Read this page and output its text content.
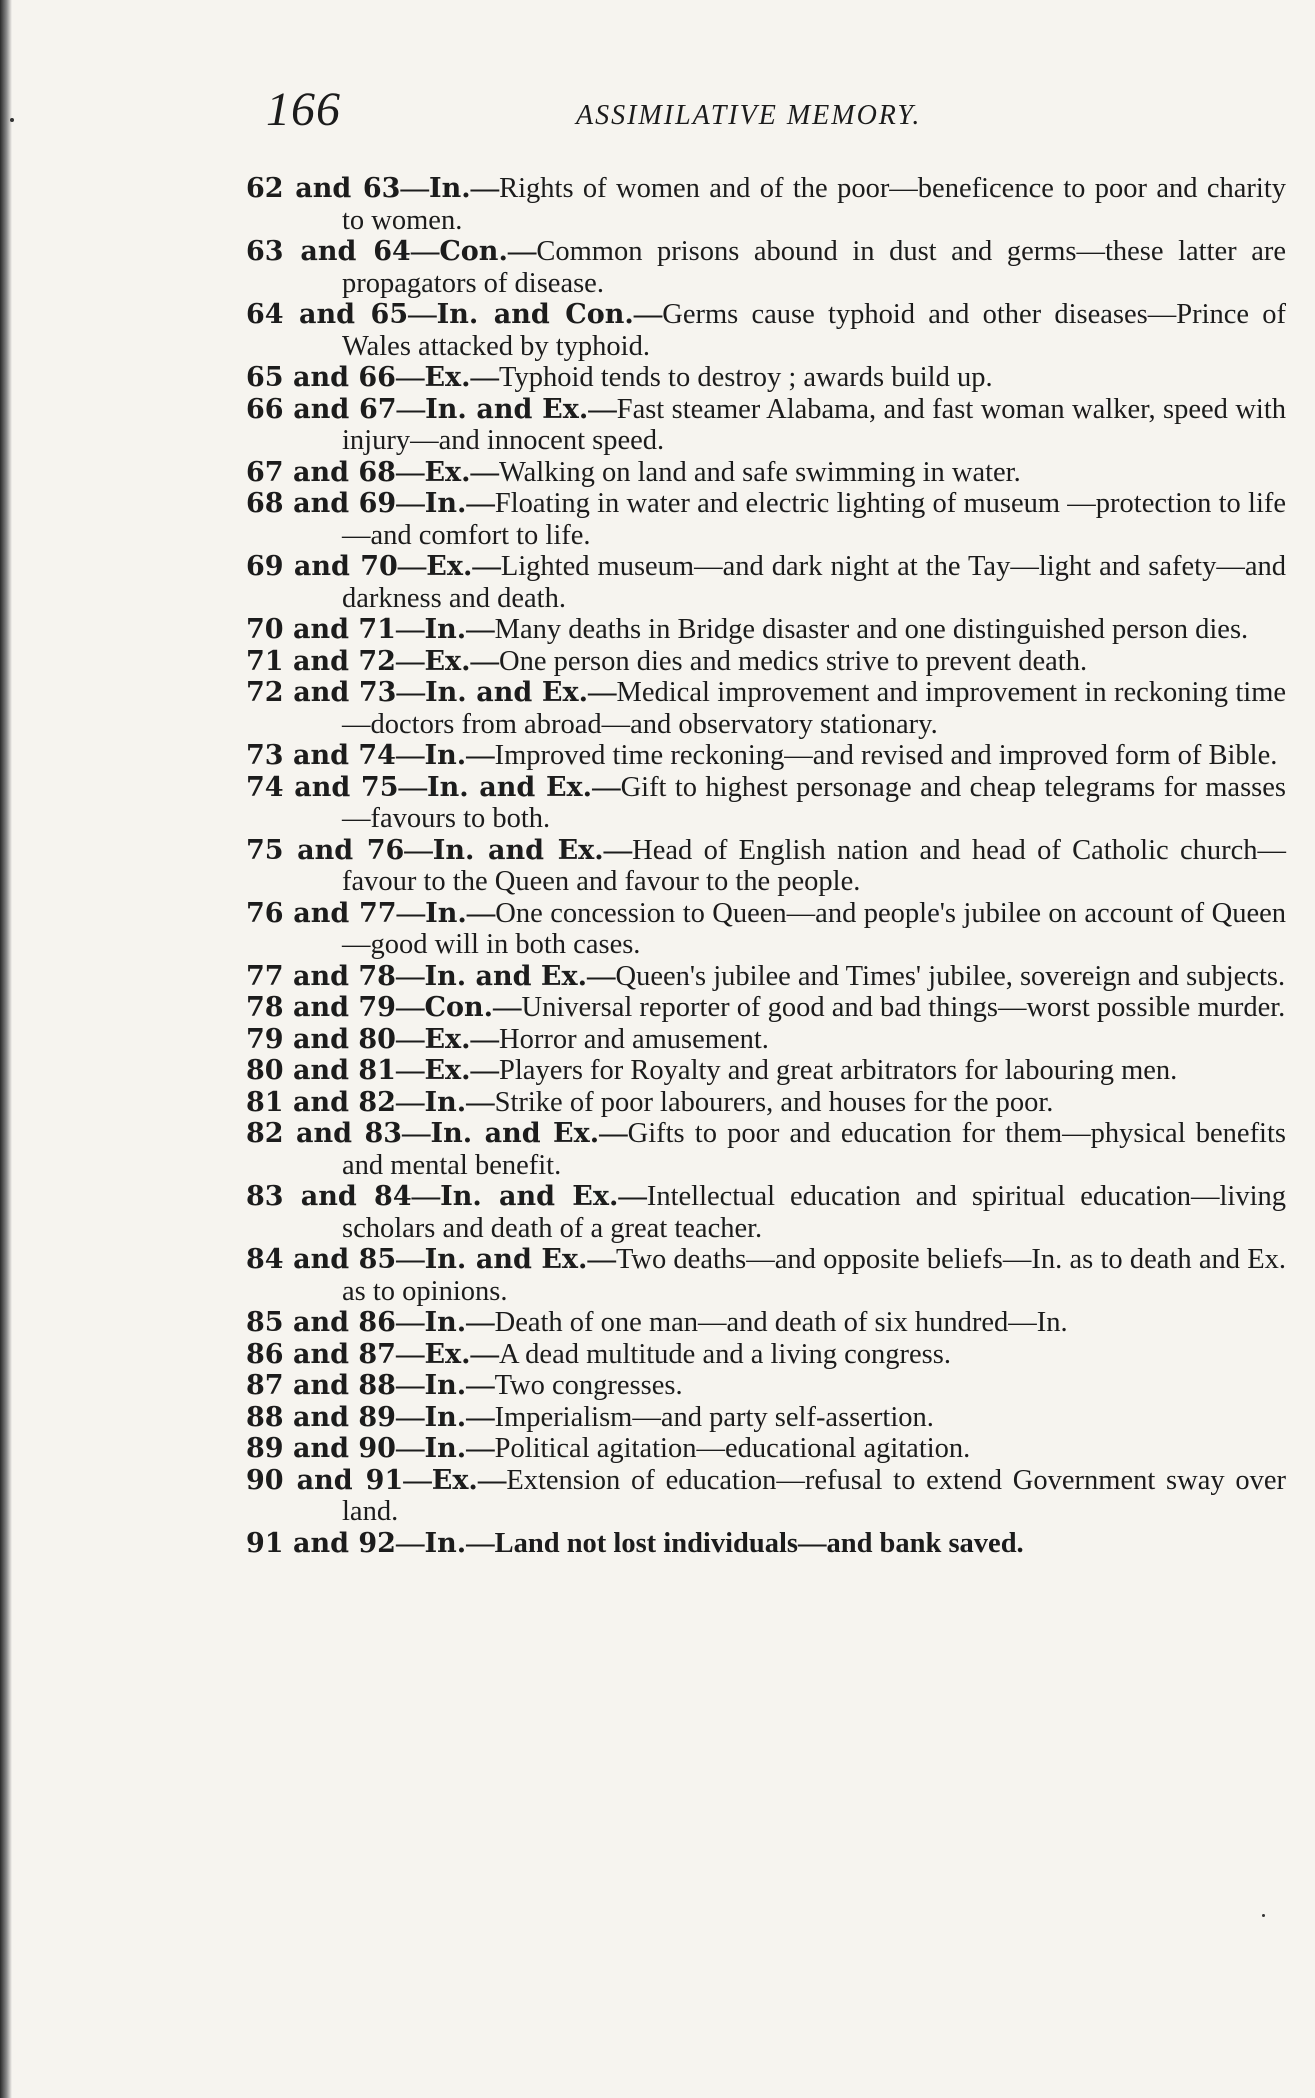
166	ASSIMILATIVE MEMORY.

62 and 63—In.—Rights of women and of the poor—beneficence to poor and charity to women.

63 and 64—Con.—Common prisons abound in dust and germs—these latter are propagators of disease.

64 and 65—In. and Con.—Germs cause typhoid and other diseases—Prince of Wales attacked by typhoid.

65 and 66—Ex.—Typhoid tends to destroy ; awards build up.

66 and 67—In. and Ex.—Fast steamer Alabama, and fast woman walker, speed with injury—and innocent speed.

67 and 68—Ex.—Walking on land and safe swimming in water.

68 and 69—In.—Floating in water and electric lighting of museum —protection to life—and comfort to life.

69 and 70—Ex.—Lighted museum—and dark night at the Tay—light and safety—and darkness and death.

70 and 71—In.—Many deaths in Bridge disaster and one distinguished person dies.

71 and 72—Ex.—One person dies and medics strive to prevent death.

72 and 73—In. and Ex.—Medical improvement and improvement in reckoning time—doctors from abroad—and observatory stationary.

73 and 74—In.—Improved time reckoning—and revised and improved form of Bible.

74 and 75—In. and Ex.—Gift to highest personage and cheap telegrams for masses—favours to both.

75 and 76—In. and Ex.—Head of English nation and head of Catholic church—favour to the Queen and favour to the people.

76 and 77—In.—One concession to Queen—and people's jubilee on account of Queen—good will in both cases.

77 and 78—In. and Ex.—Queen's jubilee and Times' jubilee, sovereign and subjects.

78 and 79—Con.—Universal reporter of good and bad things—worst possible murder.

79 and 80—Ex.—Horror and amusement.

80 and 81—Ex.—Players for Royalty and great arbitrators for labouring men.

81 and 82—In.—Strike of poor labourers, and houses for the poor.

82 and 83—In. and Ex.—Gifts to poor and education for them—physical benefits and mental benefit.

83 and 84—In. and Ex.—Intellectual education and spiritual education—living scholars and death of a great teacher.

84 and 85—In. and Ex.—Two deaths—and opposite beliefs—In. as to death and Ex. as to opinions.

85 and 86—In.—Death of one man—and death of six hundred—In.

86 and 87—Ex.—A dead multitude and a living congress.

87 and 88—In.—Two congresses.

88 and 89—In.—Imperialism—and party self-assertion.

89 and 90—In.—Political agitation—educational agitation.

90 and 91—Ex.—Extension of education—refusal to extend Government sway over land.

91 and 92—In.—Land not lost individuals—and bank saved.
